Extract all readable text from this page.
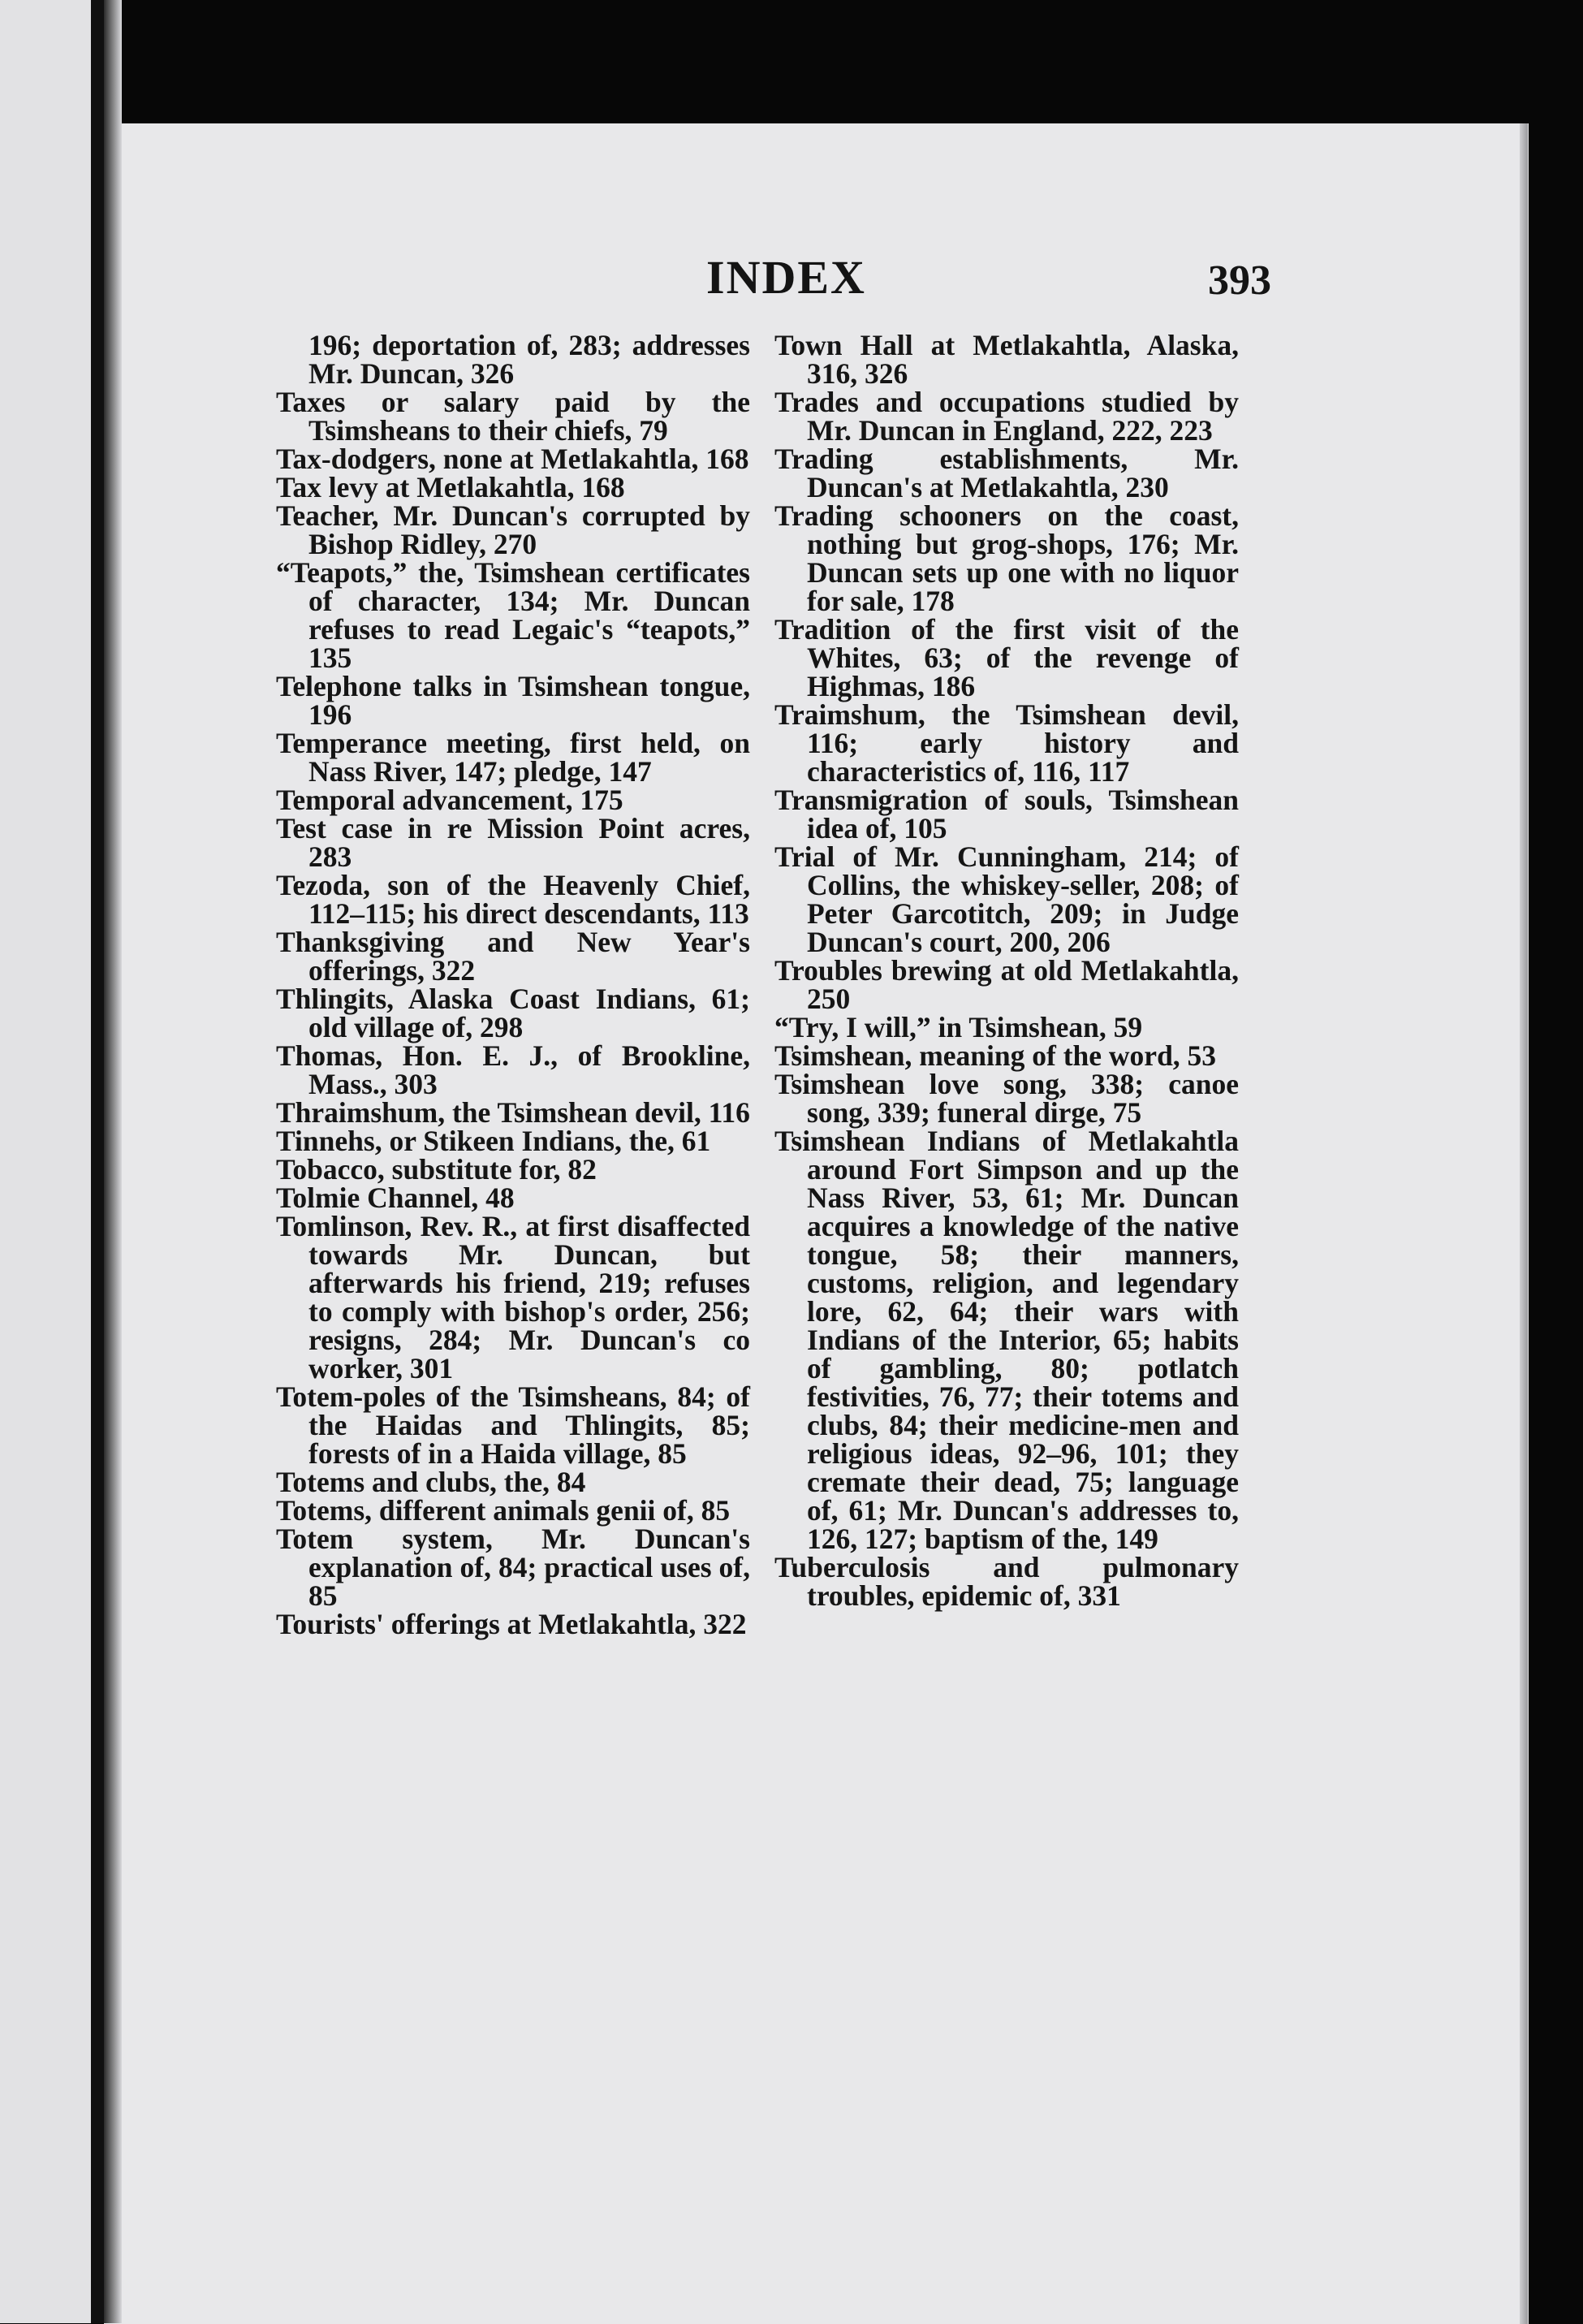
INDEX	393

196; deportation of, 283; addresses Mr. Duncan, 326

Taxes or salary paid by the Tsimsheans to their chiefs, 79

Tax-dodgers, none at Metlakahtla, 168

Tax levy at Metlakahtla, 168

Teacher, Mr. Duncan's corrupted by Bishop Ridley, 270

“Teapots,” the, Tsimshean certificates of character, 134; Mr. Duncan refuses to read Legaic's “teapots,” 135

Telephone talks in Tsimshean tongue, 196

Temperance meeting, first held, on Nass River, 147; pledge, 147

Temporal advancement, 175

Test case in re Mission Point acres, 283

Tezoda, son of the Heavenly Chief, 112–115; his direct descendants, 113

Thanksgiving and New Year's offerings, 322

Thlingits, Alaska Coast Indians, 61; old village of, 298

Thomas, Hon. E. J., of Brookline, Mass., 303

Thraimshum, the Tsimshean devil, 116

Tinnehs, or Stikeen Indians, the, 61

Tobacco, substitute for, 82

Tolmie Channel, 48

Tomlinson, Rev. R., at first disaffected towards Mr. Duncan, but afterwards his friend, 219; refuses to comply with bishop's order, 256; resigns, 284; Mr. Duncan's co worker, 301

Totem-poles of the Tsimsheans, 84; of the Haidas and Thlingits, 85; forests of in a Haida village, 85

Totems and clubs, the, 84

Totems, different animals genii of, 85

Totem system, Mr. Duncan's explanation of, 84; practical uses of, 85

Tourists' offerings at Metlakahtla, 322

Town Hall at Metlakahtla, Alaska, 316, 326

Trades and occupations studied by Mr. Duncan in England, 222, 223

Trading establishments, Mr. Duncan's at Metlakahtla, 230

Trading schooners on the coast, nothing but grog-shops, 176; Mr. Duncan sets up one with no liquor for sale, 178

Tradition of the first visit of the Whites, 63; of the revenge of Highmas, 186

Traimshum, the Tsimshean devil, 116; early history and characteristics of, 116, 117

Transmigration of souls, Tsimshean idea of, 105

Trial of Mr. Cunningham, 214; of Collins, the whiskey-seller, 208; of Peter Garcotitch, 209; in Judge Duncan's court, 200, 206

Troubles brewing at old Metlakahtla, 250

“Try, I will,” in Tsimshean, 59

Tsimshean, meaning of the word, 53

Tsimshean love song, 338; canoe song, 339; funeral dirge, 75

Tsimshean Indians of Metlakahtla around Fort Simpson and up the Nass River, 53, 61; Mr. Duncan acquires a knowledge of the native tongue, 58; their manners, customs, religion, and legendary lore, 62, 64; their wars with Indians of the Interior, 65; habits of gambling, 80; potlatch festivities, 76, 77; their totems and clubs, 84; their medicine-men and religious ideas, 92–96, 101; they cremate their dead, 75; language of, 61; Mr. Duncan's addresses to, 126, 127; baptism of the, 149

Tuberculosis and pulmonary troubles, epidemic of, 331
